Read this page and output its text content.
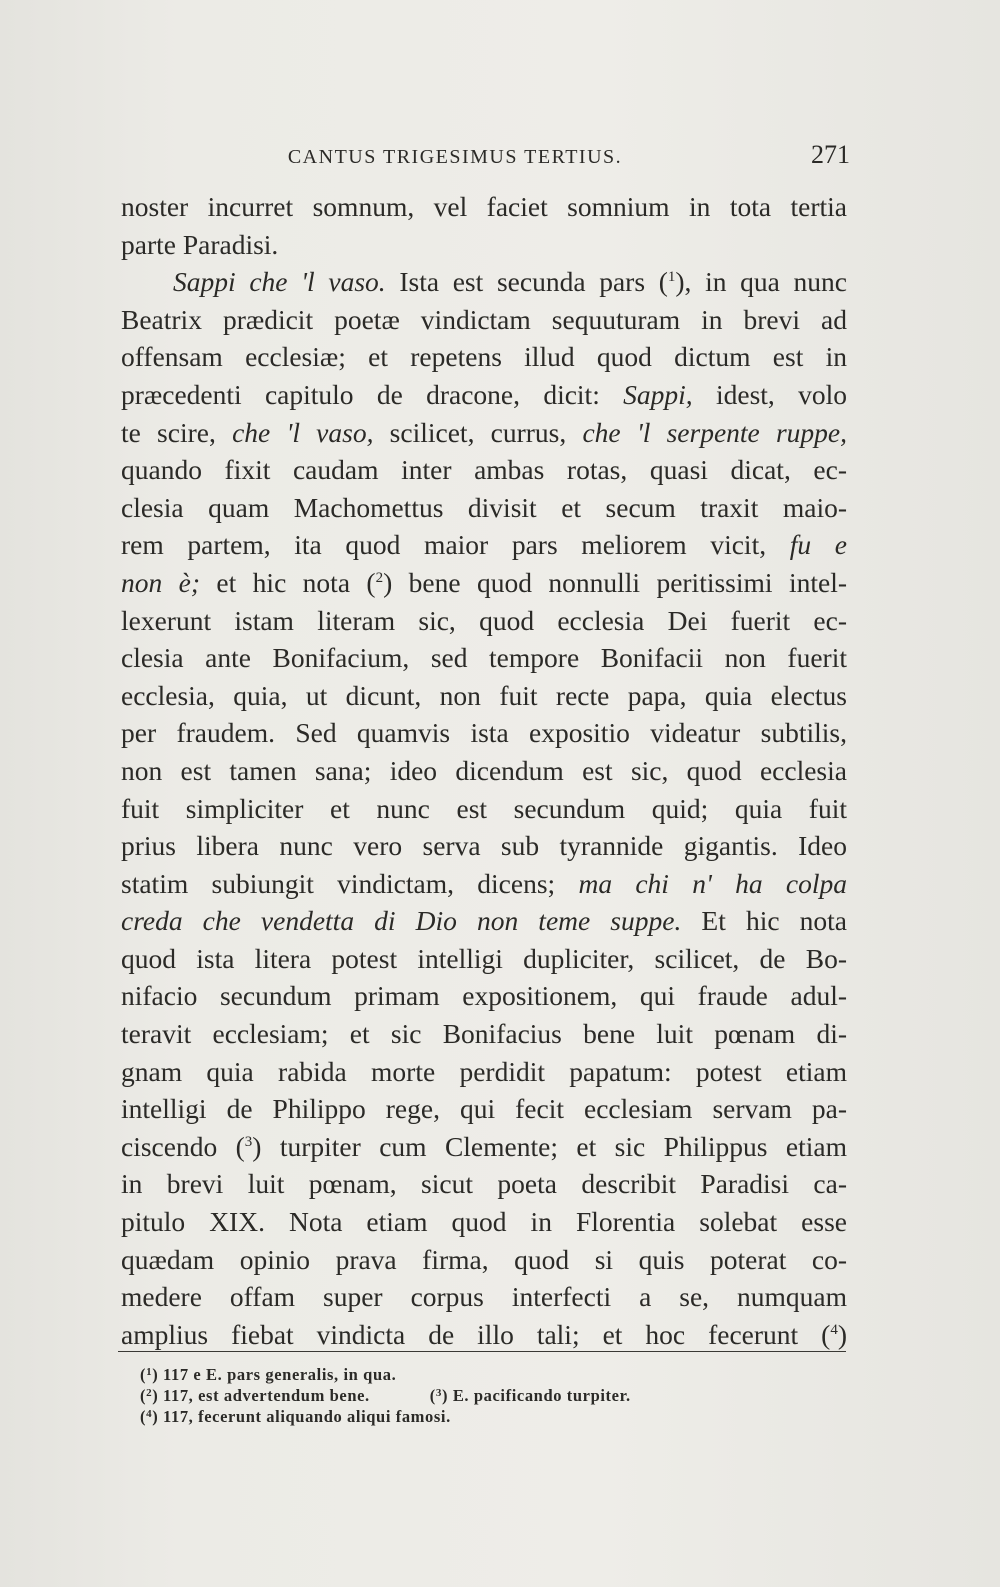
CANTUS TRIGESIMUS TERTIUS.	271
noster incurret somnum, vel faciet somnium in tota tertia
parte Paradisi.
Sappi che 'l vaso. Ista est secunda pars ($^1$), in qua nunc
Beatrix prædicit poetæ vindictam sequuturam in brevi ad
offensam ecclesiæ; et repetens illud quod dictum est in
præcedenti capitulo de dracone, dicit: Sappi, idest, volo
te scire, che 'l vaso, scilicet, currus, che 'l serpente ruppe,
quando fixit caudam inter ambas rotas, quasi dicat, ec-
clesia quam Machomettus divisit et secum traxit maio-
rem partem, ita quod maior pars meliorem vicit, fu e
non è; et hic nota ($^2$) bene quod nonnulli peritissimi intel-
lexerunt istam literam sic, quod ecclesia Dei fuerit ec-
clesia ante Bonifacium, sed tempore Bonifacii non fuerit
ecclesia, quia, ut dicunt, non fuit recte papa, quia electus
per fraudem. Sed quamvis ista expositio videatur subtilis,
non est tamen sana; ideo dicendum est sic, quod ecclesia
fuit simpliciter et nunc est secundum quid; quia fuit
prius libera nunc vero serva sub tyrannide gigantis. Ideo
statim subiungit vindictam, dicens; ma chi n' ha colpa
creda che vendetta di Dio non teme suppe. Et hic nota
quod ista litera potest intelligi dupliciter, scilicet, de Bo-
nifacio secundum primam expositionem, qui fraude adul-
teravit ecclesiam; et sic Bonifacius bene luit pœnam di-
gnam quia rabida morte perdidit papatum: potest etiam
intelligi de Philippo rege, qui fecit ecclesiam servam pa-
ciscendo ($^3$) turpiter cum Clemente; et sic Philippus etiam
in brevi luit pœnam, sicut poeta describit Paradisi ca-
pitulo XIX. Nota etiam quod in Florentia solebat esse
quædam opinio prava firma, quod si quis poterat co-
medere offam super corpus interfecti a se, numquam
amplius fiebat vindicta de illo tali; et hoc fecerunt ($^4$)
($^1$) 117 e E. pars generalis, in qua.
($^2$) 117, est advertendum bene.	($^3$) E. pacificando turpiter.
($^4$) 117, fecerunt aliquando aliqui famosi.
